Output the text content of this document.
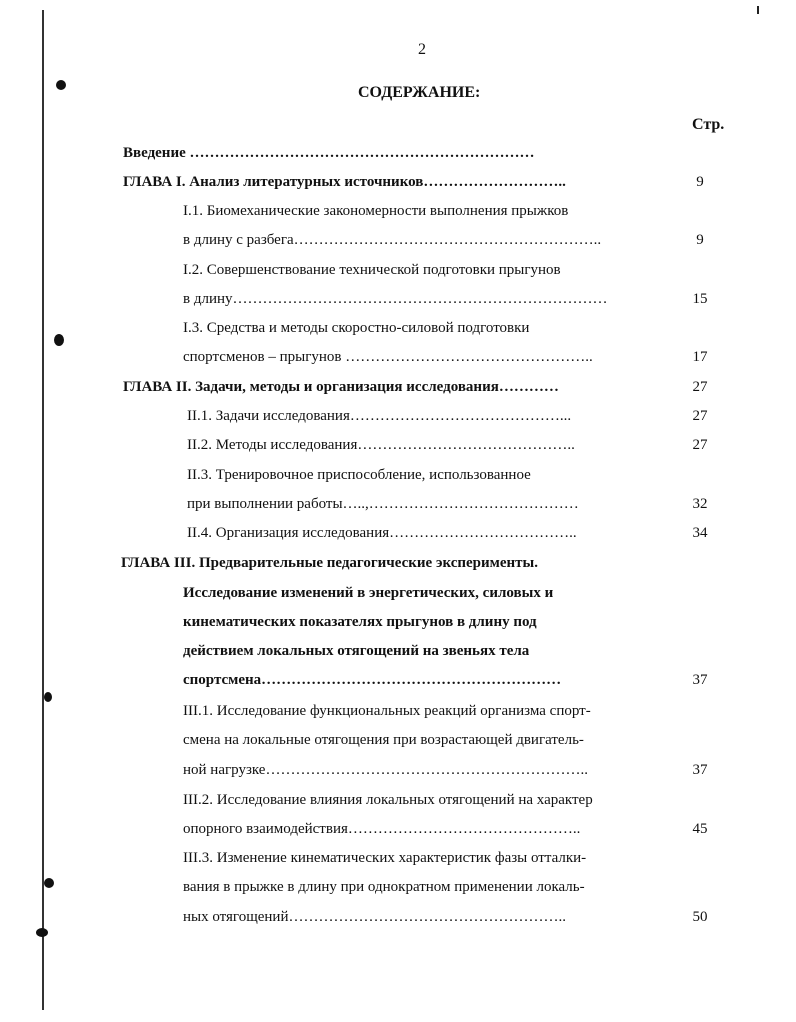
2
СОДЕРЖАНИЕ:
Стр.
Введение ……………………………………………………………
ГЛАВА I. Анализ литературных источников………………………..	9
I.1. Биомеханические закономерности выполнения прыжков
в длину с разбега……………………………………………………..	9
I.2. Совершенствование технической подготовки прыгунов
в длину…………………………………………………………………	15
I.3. Средства и методы скоростно-силовой подготовки
спортсменов – прыгунов …………………………………………..	17
ГЛАВА II. Задачи, методы и организация исследования…………	27
II.1. Задачи исследования……………………………………...	27
II.2. Методы исследования……………………………………..	27
II.3. Тренировочное приспособление, использованное
при выполнении работы…..,……………………………………	32
II.4. Организация исследования………………………………..	34
ГЛАВА III. Предварительные педагогические эксперименты.
Исследование изменений в энергетических, силовых и
кинематических показателях прыгунов в длину под
действием локальных отягощений на звеньях тела
спортсмена……………………………………………………	37
III.1. Исследование функциональных реакций организма спорт-
смена на локальные отягощения при возрастающей двигатель-
ной нагрузке………………………………………………………..	37
III.2. Исследование влияния локальных отягощений на характер
опорного взаимодействия………………………………………..	45
III.3. Изменение кинематических характеристик фазы отталки-
вания в прыжке в длину при однократном применении локаль-
ных отягощений………………………………………………..	50
